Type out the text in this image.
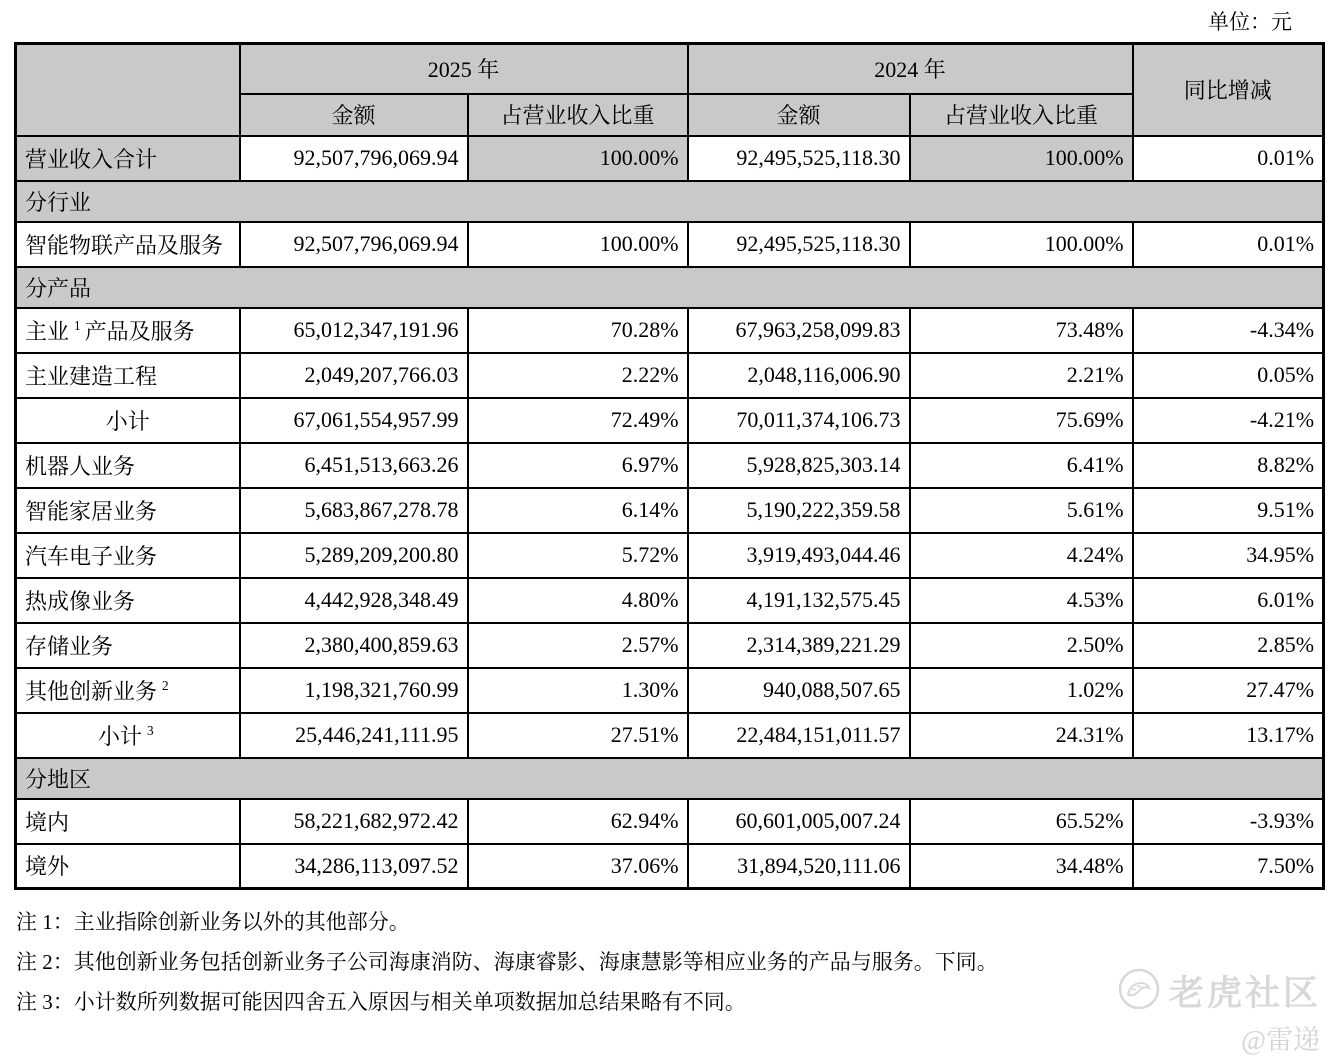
单位：元
	2025 年		2024 年		同比增减
	金额	占营业收入比重	金额	占营业收入比重	
营业收入合计	92,507,796,069.94	100.00%	92,495,525,118.30	100.00%	0.01%
分行业					
智能物联产品及服务	92,507,796,069.94	100.00%	92,495,525,118.30	100.00%	0.01%
分产品					
主业 $^1$ 产品及服务	65,012,347,191.96	70.28%	67,963,258,099.83	73.48%	-4.34%
主业建造工程	2,049,207,766.03	2.22%	2,048,116,006.90	2.21%	0.05%
小计	67,061,554,957.99	72.49%	70,011,374,106.73	75.69%	-4.21%
机器人业务	6,451,513,663.26	6.97%	5,928,825,303.14	6.41%	8.82%
智能家居业务	5,683,867,278.78	6.14%	5,190,222,359.58	5.61%	9.51%
汽车电子业务	5,289,209,200.80	5.72%	3,919,493,044.46	4.24%	34.95%
热成像业务	4,442,928,348.49	4.80%	4,191,132,575.45	4.53%	6.01%
存储业务	2,380,400,859.63	2.57%	2,314,389,221.29	2.50%	2.85%
其他创新业务 $^2$	1,198,321,760.99	1.30%	940,088,507.65	1.02%	27.47%
小计 $^3$	25,446,241,111.95	27.51%	22,484,151,011.57	24.31%	13.17%
分地区					
境内	58,221,682,972.42	62.94%	60,601,005,007.24	65.52%	-3.93%
境外	34,286,113,097.52	37.06%	31,894,520,111.06	34.48%	7.50%

注 1：主业指除创新业务以外的其他部分。

注 2：其他创新业务包括创新业务子公司海康消防、海康睿影、海康慧影等相应业务的产品与服务。下同。

注 3：小计数所列数据可能因四舍五入原因与相关单项数据加总结果略有不同。	老虎社区
@雷递
